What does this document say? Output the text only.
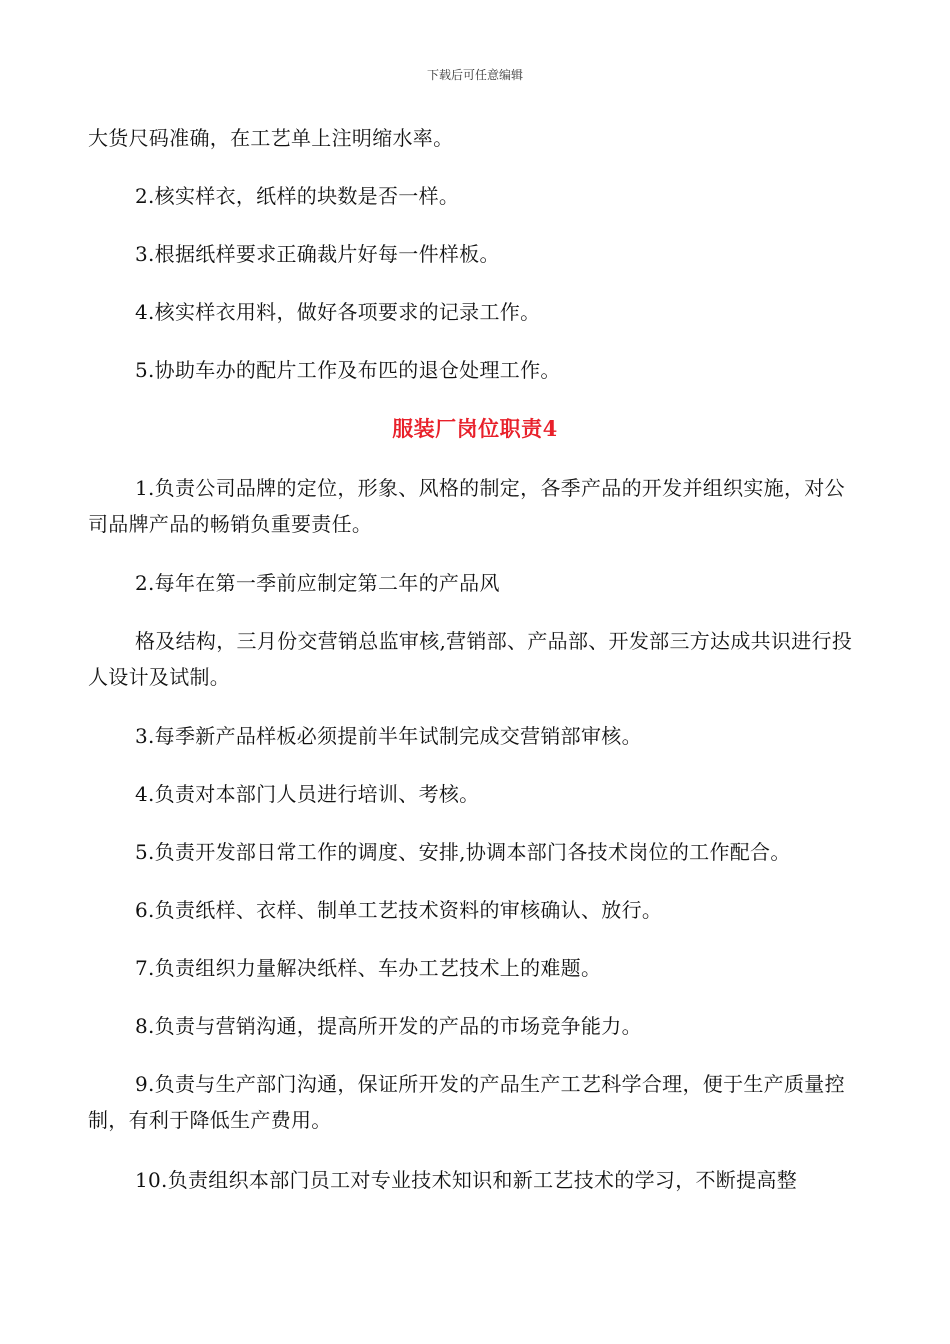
下载后可任意编辑

大货尺码准确，在工艺单上注明缩水率。

2.核实样衣，纸样的块数是否一样。

3.根据纸样要求正确裁片好每一件样板。

4.核实样衣用料，做好各项要求的记录工作。

5.协助车办的配片工作及布匹的退仓处理工作。

服装厂岗位职责4

1.负责公司品牌的定位，形象、风格的制定，各季产品的开发并组织实施，对公司品牌产品的畅销负重要责任。

2.每年在第一季前应制定第二年的产品风

格及结构，三月份交营销总监审核,营销部、产品部、开发部三方达成共识进行投人设计及试制。

3.每季新产品样板必须提前半年试制完成交营销部审核。

4.负责对本部门人员进行培训、考核。

5.负责开发部日常工作的调度、安排,协调本部门各技术岗位的工作配合。

6.负责纸样、衣样、制单工艺技术资料的审核确认、放行。

7.负责组织力量解决纸样、车办工艺技术上的难题。

8.负责与营销沟通，提高所开发的产品的市场竞争能力。

9.负责与生产部门沟通，保证所开发的产品生产工艺科学合理，便于生产质量控制，有利于降低生产费用。

10.负责组织本部门员工对专业技术知识和新工艺技术的学习，不断提高整
